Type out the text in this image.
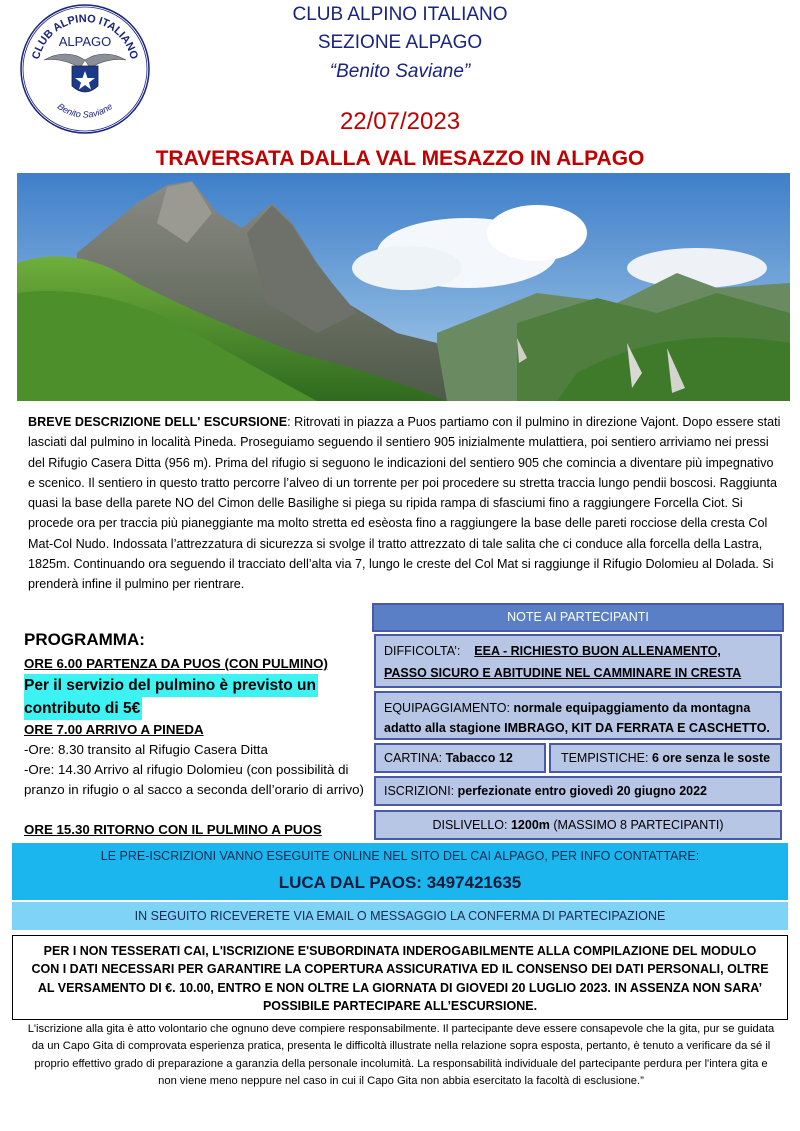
CLUB ALPINO ITALIANO
ALPAGO
Benito Saviane
CLUB ALPINO ITALIANO
SEZIONE ALPAGO
“Benito Saviane”
22/07/2023
TRAVERSATA DALLA VAL MESAZZO IN ALPAGO
BREVE DESCRIZIONE DELL' ESCURSIONE: Ritrovati in piazza a Puos partiamo con il pulmino in direzione Vajont. Dopo essere stati lasciati dal pulmino in località Pineda. Proseguiamo seguendo il sentiero 905 inizialmente mulattiera, poi sentiero arriviamo nei pressi del Rifugio Casera Ditta (956 m). Prima del rifugio si seguono le indicazioni del sentiero 905 che comincia a diventare più impegnativo e scenico. Il sentiero in questo tratto percorre l’alveo di un torrente per poi procedere su stretta traccia lungo pendii boscosi. Raggiunta quasi la base della parete NO del Cimon delle Basilighe si piega su ripida rampa di sfasciumi fino a raggiungere Forcella Ciot. Si procede ora per traccia più pianeggiante ma molto stretta ed esèosta fino a raggiungere la base delle pareti rocciose della cresta Col Mat-Col Nudo. Indossata l’attrezzatura di sicurezza si svolge il tratto attrezzato di tale salita che ci conduce alla forcella della Lastra, 1825m. Continuando ora seguendo il tracciato dell’alta via 7, lungo le creste del Col Mat si raggiunge il Rifugio Dolomieu al Dolada. Si prenderà infine il pulmino per rientrare.
PROGRAMMA:
ORE 6.00 PARTENZA DA PUOS (CON PULMINO)
Per il servizio del pulmino è previsto un
contributo di 5€
ORE 7.00 ARRIVO A PINEDA
-Ore: 8.30 transito al Rifugio Casera Ditta
-Ore: 14.30 Arrivo al rifugio Dolomieu (con possibilità di pranzo in rifugio o al sacco a seconda dell’orario di arrivo)
ORE 15.30 RITORNO CON IL PULMINO A PUOS
NOTE AI PARTECIPANTI
DIFFICOLTA’: EEA - RICHIESTO BUON ALLENAMENTO,
PASSO SICURO E ABITUDINE NEL CAMMINARE IN CRESTA
EQUIPAGGIAMENTO: normale equipaggiamento da montagna adatto alla stagione IMBRAGO, KIT DA FERRATA E CASCHETTO.
CARTINA: Tabacco 12	TEMPISTICHE: 6 ore senza le soste
ISCRIZIONI: perfezionate entro giovedì 20 giugno 2022
DISLIVELLO: 1200m (MASSIMO 8 PARTECIPANTI)
LE PRE-ISCRIZIONI VANNO ESEGUITE ONLINE NEL SITO DEL CAI ALPAGO, PER INFO CONTATTARE:
LUCA DAL PAOS: 3497421635
IN SEGUITO RICEVERETE VIA EMAIL O MESSAGGIO LA CONFERMA DI PARTECIPAZIONE
PER I NON TESSERATI CAI, L'ISCRIZIONE E'SUBORDINATA INDEROGABILMENTE ALLA COMPILAZIONE DEL MODULO CON I DATI NECESSARI PER GARANTIRE LA COPERTURA ASSICURATIVA ED IL CONSENSO DEI DATI PERSONALI, OLTRE AL VERSAMENTO DI €. 10.00, ENTRO E NON OLTRE LA GIORNATA DI GIOVEDI 20 LUGLIO 2023. IN ASSENZA NON SARA’ POSSIBILE PARTECIPARE ALL’ESCURSIONE.
L'iscrizione alla gita è atto volontario che ognuno deve compiere responsabilmente. Il partecipante deve essere consapevole che la gita, pur se guidata da un Capo Gita di comprovata esperienza pratica, presenta le difficoltà illustrate nella relazione sopra esposta, pertanto, è tenuto a verificare da sé il proprio effettivo grado di preparazione a garanzia della personale incolumità. La responsabilità individuale del partecipante perdura per l'intera gita e non viene meno neppure nel caso in cui il Capo Gita non abbia esercitato la facoltà di esclusione.”
